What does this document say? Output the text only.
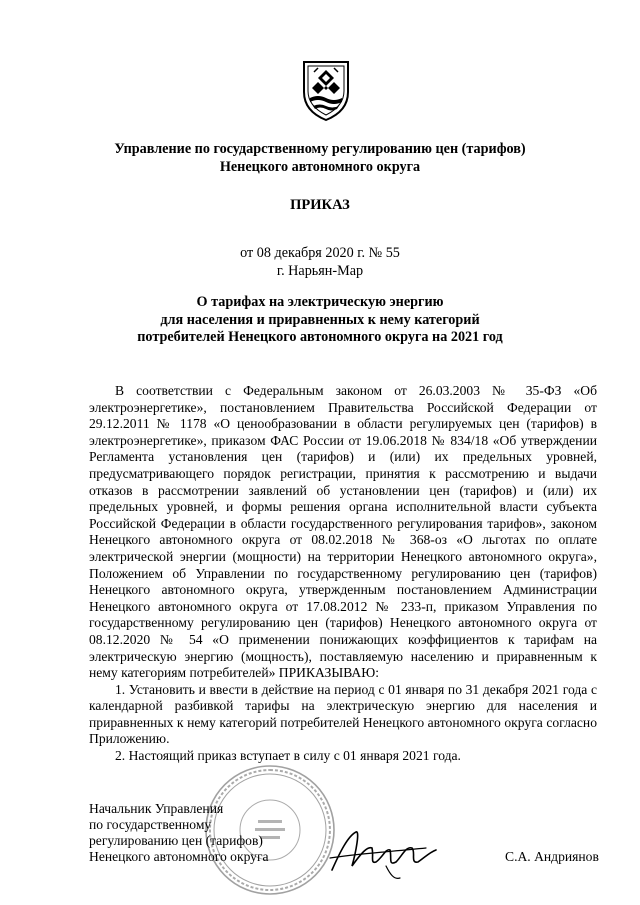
Управление по государственному регулированию цен (тарифов)
Ненецкого автономного округа
ПРИКАЗ
от 08 декабря 2020 г. № 55
г. Нарьян-Мар
О тарифах на электрическую энергию
для населения и приравненных к нему категорий
потребителей Ненецкого автономного округа на 2021 год

В соответствии с Федеральным законом от 26.03.2003 № 35-ФЗ «Об электроэнергетике», постановлением Правительства Российской Федерации от 29.12.2011 № 1178 «О ценообразовании в области регулируемых цен (тарифов) в электроэнергетике», приказом ФАС России от 19.06.2018 № 834/18 «Об утверждении Регламента установления цен (тарифов) и (или) их предельных уровней, предусматривающего порядок регистрации, принятия к рассмотрению и выдачи отказов в рассмотрении заявлений об установлении цен (тарифов) и (или) их предельных уровней, и формы решения органа исполнительной власти субъекта Российской Федерации в области государственного регулирования тарифов», законом Ненецкого автономного округа от 08.02.2018 № 368-оз «О льготах по оплате электрической энергии (мощности) на территории Ненецкого автономного округа», Положением об Управлении по государственному регулированию цен (тарифов) Ненецкого автономного округа, утвержденным постановлением Администрации Ненецкого автономного округа от 17.08.2012 № 233-п, приказом Управления по государственному регулированию цен (тарифов) Ненецкого автономного округа от 08.12.2020 № 54 «О применении понижающих коэффициентов к тарифам на электрическую энергию (мощность), поставляемую населению и приравненным к нему категориям потребителей» ПРИКАЗЫВАЮ:

1. Установить и ввести в действие на период с 01 января по 31 декабря 2021 года с календарной разбивкой тарифы на электрическую энергию для населения и приравненных к нему категорий потребителей Ненецкого автономного округа согласно Приложению.

2. Настоящий приказ вступает в силу с 01 января 2021 года.

Начальник Управления
по государственному
регулированию цен (тарифов)
Ненецкого автономного округа	С.А. Андриянов
